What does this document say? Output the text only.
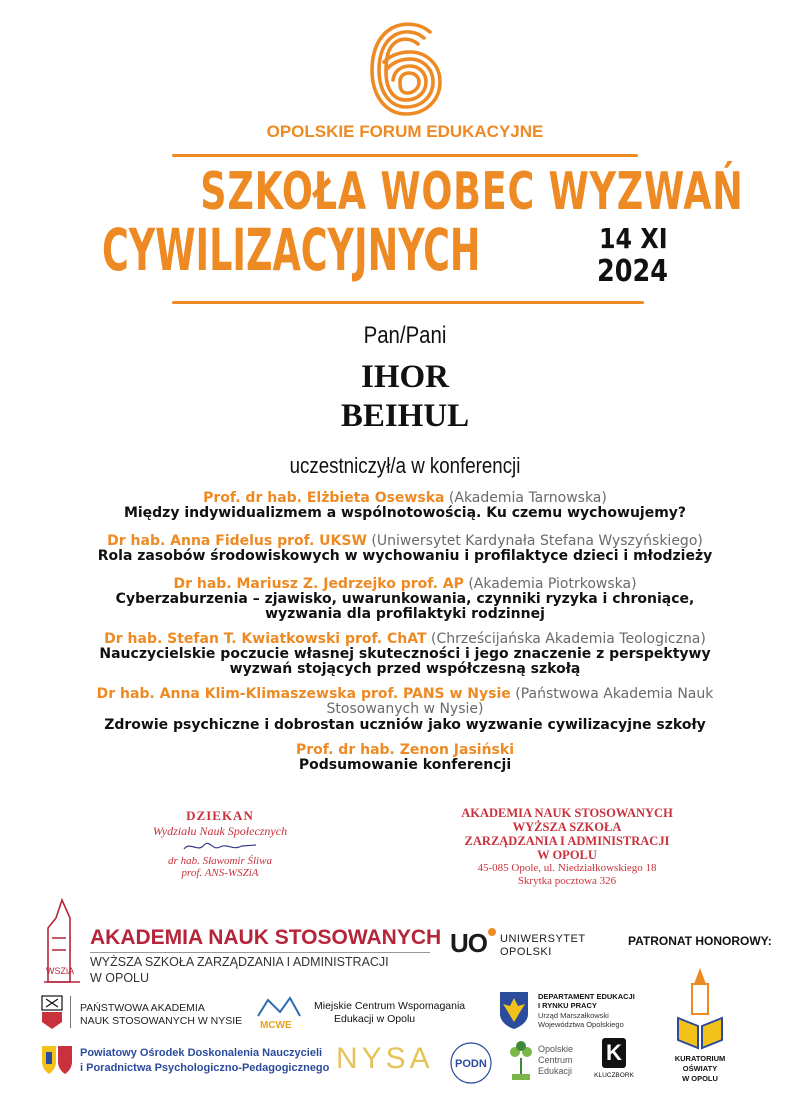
OPOLSKIE FORUM EDUKACYJNE
SZKOŁA WOBEC WYZWAŃ
CYWILIZACYJNYCH	14 XI
2024
Pan/Pani
IHOR
BEIHUL
uczestniczył/a w konferencji
Prof. dr hab. Elżbieta Osewska (Akademia Tarnowska)
Między indywidualizmem a wspólnotowością. Ku czemu wychowujemy?
Dr hab. Anna Fidelus prof. UKSW (Uniwersytet Kardynała Stefana Wyszyńskiego)
Rola zasobów środowiskowych w wychowaniu i profilaktyce dzieci i młodzieży
Dr hab. Mariusz Z. Jedrzejko prof. AP (Akademia Piotrkowska)
Cyberzaburzenia – zjawisko, uwarunkowania, czynniki ryzyka i chroniące,
wyzwania dla profilaktyki rodzinnej
Dr hab. Stefan T. Kwiatkowski prof. ChAT (Chrześcijańska Akademia Teologiczna)
Nauczycielskie poczucie własnej skuteczności i jego znaczenie z perspektywy
wyzwań stojących przed współczesną szkołą
Dr hab. Anna Klim-Klimaszewska prof. PANS w Nysie (Państwowa Akademia Nauk
Stosowanych w Nysie)
Zdrowie psychiczne i dobrostan uczniów jako wyzwanie cywilizacyjne szkoły
Prof. dr hab. Zenon Jasiński
Podsumowanie konferencji
DZIEKAN
Wydziału Nauk Społecznych
dr hab. Sławomir Śliwa
prof. ANS-WSZiA
AKADEMIA NAUK STOSOWANYCH
WYŻSZA SZKOŁA
ZARZĄDZANIA I ADMINISTRACJI
W OPOLU
45-085 Opole, ul. Niedziałkowskiego 18
Skrytka pocztowa 326
WSZiA
AKADEMIA NAUK STOSOWANYCH
WYŻSZA SZKOŁA ZARZĄDZANIA I ADMINISTRACJI
W OPOLU
UO UNIWERSYTET
OPOLSKI
PATRONAT HONOROWY:
PAŃSTWOWA AKADEMIA
NAUK STOSOWANYCH W NYSIE MCWE
Miejskie Centrum Wspomagania
Edukacji w Opolu
DEPARTAMENT EDUKACJI
I RYNKU PRACY
Urząd Marszałkowski
Województwa Opolskiego
KURATORIUM
OŚWIATY
W OPOLU
Powiatowy Ośrodek Doskonalenia Nauczycieli
i Poradnictwa Psychologiczno-Pedagogicznego NYSA PODN
Opolskie
Centrum
Edukacji
K
KLUCZBORK
